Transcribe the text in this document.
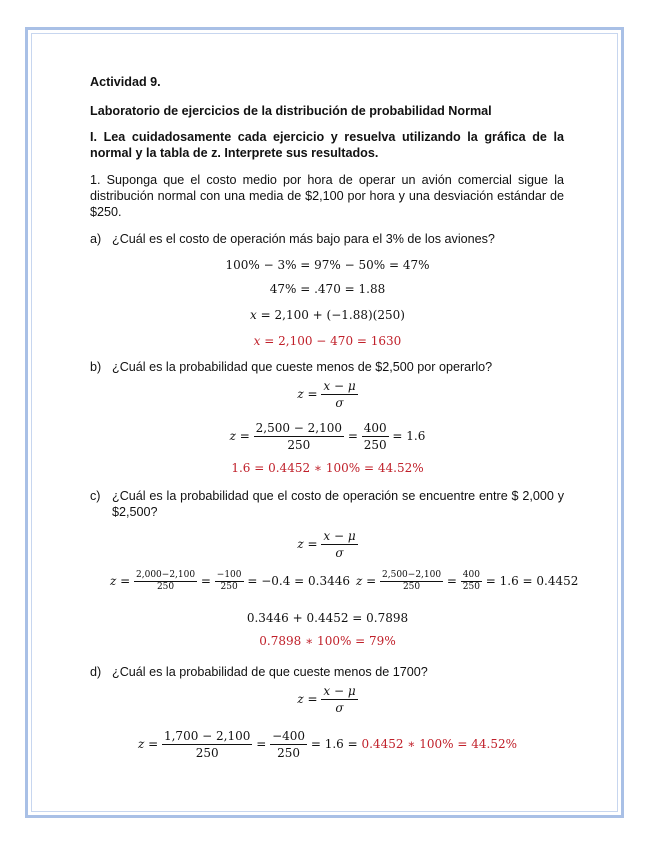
Actividad 9.
Laboratorio de ejercicios de la distribución de probabilidad Normal
I. Lea cuidadosamente cada ejercicio y resuelva utilizando la gráfica de la normal y la tabla de z. Interprete sus resultados.
1. Suponga que el costo medio por hora de operar un avión comercial sigue la distribución normal con una media de $2,100 por hora y una desviación estándar de $250.
a) ¿Cuál es el costo de operación más bajo para el 3% de los aviones?
100% − 3% = 97% − 50% = 47%
47% = .470 = 1.88
x = 2,100 + (−1.88)(250)
x = 2,100 − 470 = 1630
b) ¿Cuál es la probabilidad que cueste menos de $2,500 por operarlo?
$z = \frac{x - \mu}{\sigma}$
$z = \frac{2,500 - 2,100}{250} = \frac{400}{250} = 1.6$
1.6 = 0.4452 ∗ 100% = 44.52%
c) ¿Cuál es la probabilidad que el costo de operación se encuentre entre $ 2,000 y $2,500?
$z = \frac{x - \mu}{\sigma}$
$z = \frac{2,000-2,100}{250} = \frac{-100}{250} = -0.4 = 0.3446$ $z = \frac{2,500-2,100}{250} = \frac{400}{250} = 1.6 = 0.4452$
0.3446 + 0.4452 = 0.7898
0.7898 ∗ 100% = 79%
d) ¿Cuál es la probabilidad de que cueste menos de 1700?
$z = \frac{x - \mu}{\sigma}$
$z = \frac{1,700 - 2,100}{250} = \frac{-400}{250} = 1.6 = 0.4452$ ∗ 100% = 44.52%
